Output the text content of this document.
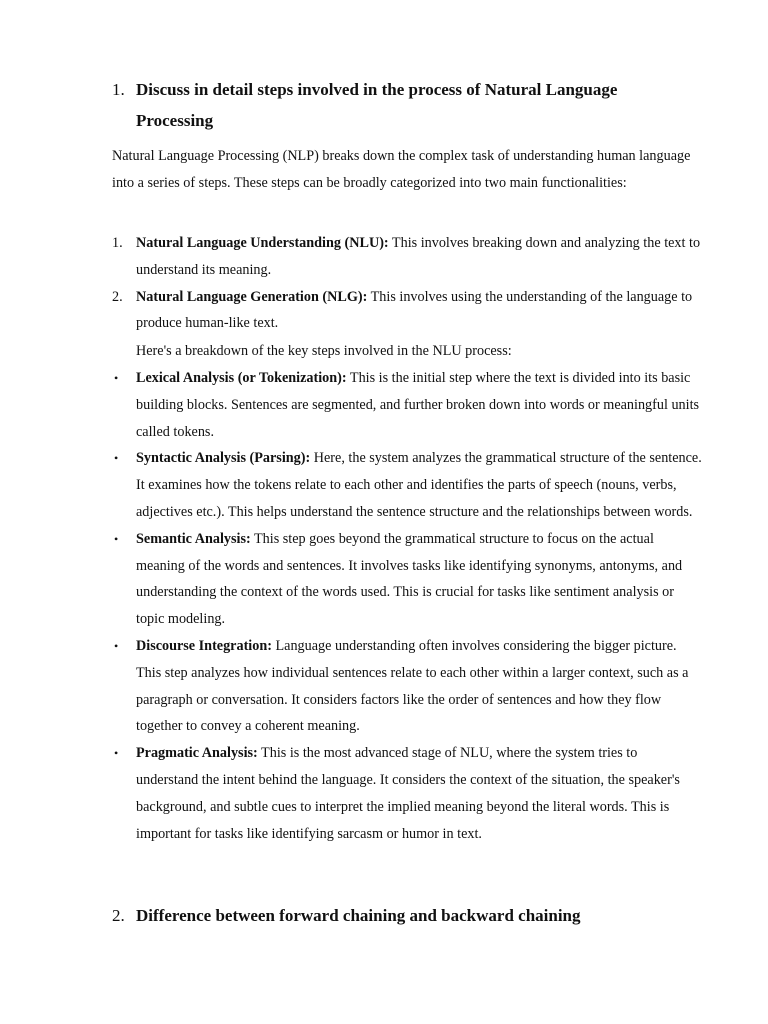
1. Discuss in detail steps involved in the process of Natural Language Processing
Natural Language Processing (NLP) breaks down the complex task of understanding human language into a series of steps. These steps can be broadly categorized into two main functionalities:
1. Natural Language Understanding (NLU): This involves breaking down and analyzing the text to understand its meaning.
2. Natural Language Generation (NLG): This involves using the understanding of the language to produce human-like text.
Here's a breakdown of the key steps involved in the NLU process:
• Lexical Analysis (or Tokenization): This is the initial step where the text is divided into its basic building blocks. Sentences are segmented, and further broken down into words or meaningful units called tokens.
• Syntactic Analysis (Parsing): Here, the system analyzes the grammatical structure of the sentence. It examines how the tokens relate to each other and identifies the parts of speech (nouns, verbs, adjectives etc.). This helps understand the sentence structure and the relationships between words.
• Semantic Analysis: This step goes beyond the grammatical structure to focus on the actual meaning of the words and sentences. It involves tasks like identifying synonyms, antonyms, and understanding the context of the words used. This is crucial for tasks like sentiment analysis or topic modeling.
• Discourse Integration: Language understanding often involves considering the bigger picture. This step analyzes how individual sentences relate to each other within a larger context, such as a paragraph or conversation. It considers factors like the order of sentences and how they flow together to convey a coherent meaning.
• Pragmatic Analysis: This is the most advanced stage of NLU, where the system tries to understand the intent behind the language. It considers the context of the situation, the speaker's background, and subtle cues to interpret the implied meaning beyond the literal words. This is important for tasks like identifying sarcasm or humor in text.
2. Difference between forward chaining and backward chaining
